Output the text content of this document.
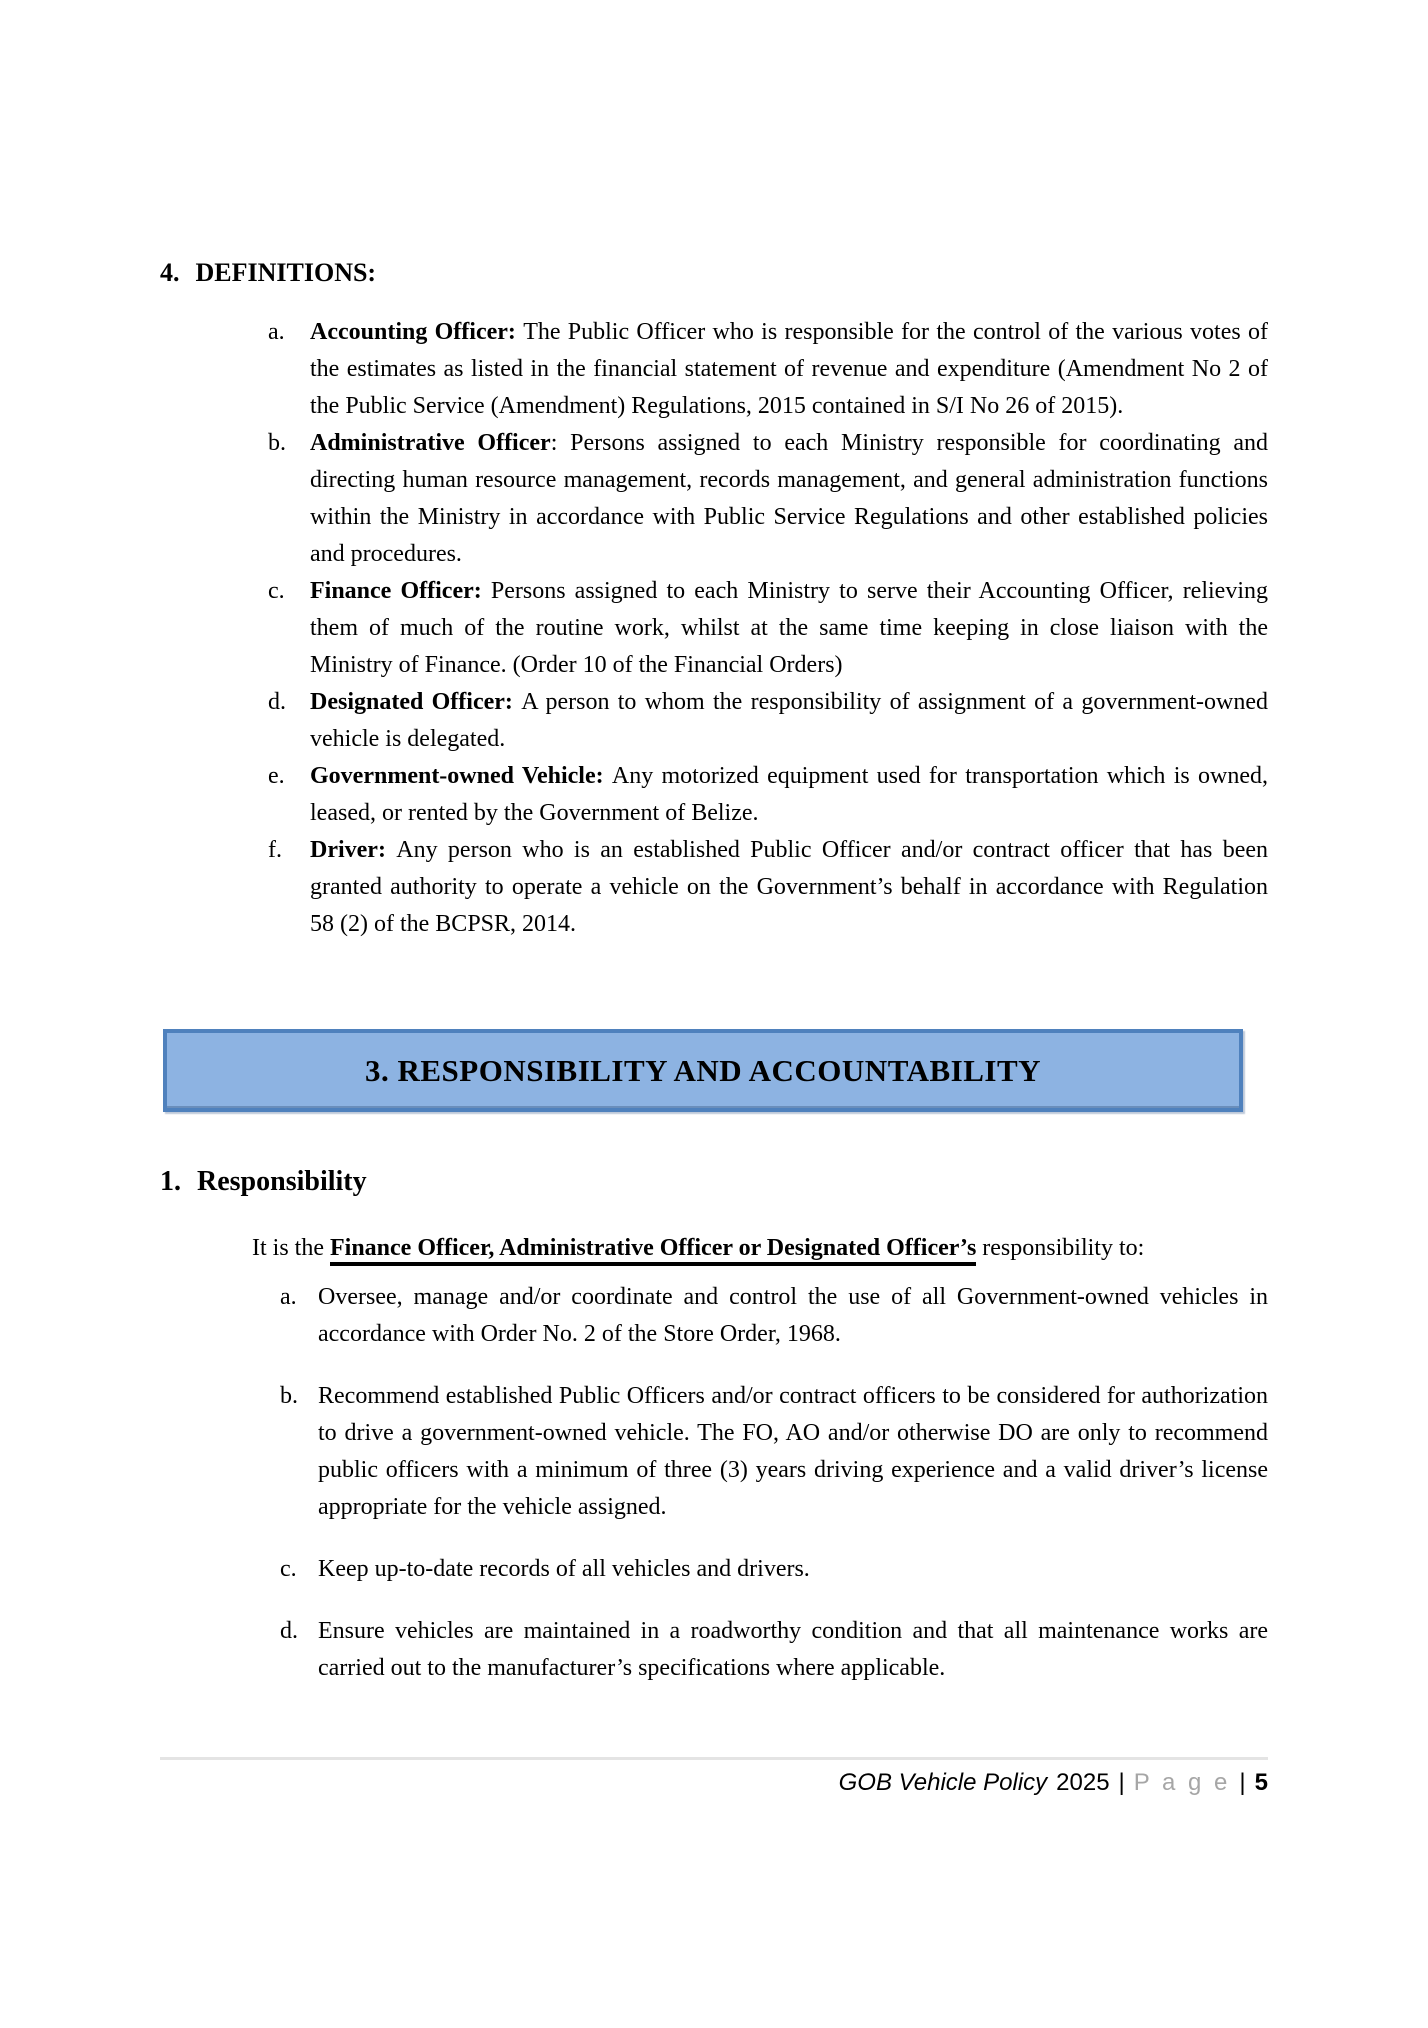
4. DEFINITIONS:
a. Accounting Officer: The Public Officer who is responsible for the control of the various votes of the estimates as listed in the financial statement of revenue and expenditure (Amendment No 2 of the Public Service (Amendment) Regulations, 2015 contained in S/I No 26 of 2015).
b. Administrative Officer: Persons assigned to each Ministry responsible for coordinating and directing human resource management, records management, and general administration functions within the Ministry in accordance with Public Service Regulations and other established policies and procedures.
c. Finance Officer: Persons assigned to each Ministry to serve their Accounting Officer, relieving them of much of the routine work, whilst at the same time keeping in close liaison with the Ministry of Finance. (Order 10 of the Financial Orders)
d. Designated Officer: A person to whom the responsibility of assignment of a government-owned vehicle is delegated.
e. Government-owned Vehicle: Any motorized equipment used for transportation which is owned, leased, or rented by the Government of Belize.
f. Driver: Any person who is an established Public Officer and/or contract officer that has been granted authority to operate a vehicle on the Government’s behalf in accordance with Regulation 58 (2) of the BCPSR, 2014.
3. RESPONSIBILITY AND ACCOUNTABILITY
1. Responsibility
It is the Finance Officer, Administrative Officer or Designated Officer’s responsibility to:
a. Oversee, manage and/or coordinate and control the use of all Government-owned vehicles in accordance with Order No. 2 of the Store Order, 1968.
b. Recommend established Public Officers and/or contract officers to be considered for authorization to drive a government-owned vehicle. The FO, AO and/or otherwise DO are only to recommend public officers with a minimum of three (3) years driving experience and a valid driver’s license appropriate for the vehicle assigned.
c. Keep up-to-date records of all vehicles and drivers.
d. Ensure vehicles are maintained in a roadworthy condition and that all maintenance works are carried out to the manufacturer’s specifications where applicable.
GOB Vehicle Policy 2025 | P a g e | 5
